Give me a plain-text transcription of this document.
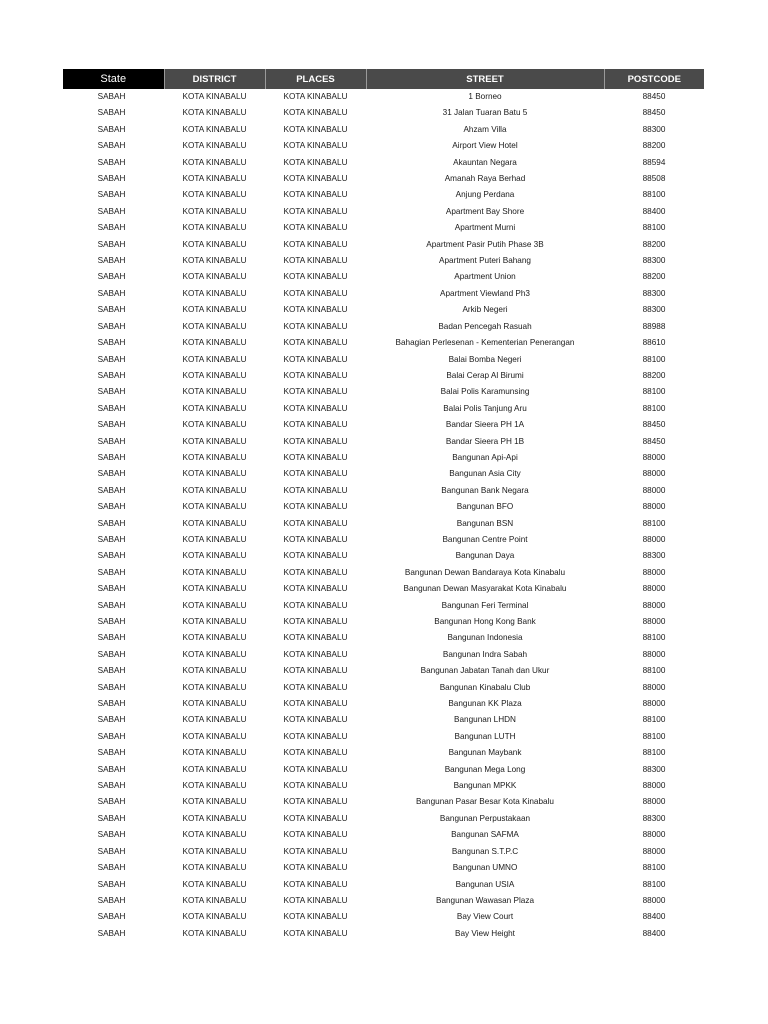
State	DISTRICT	PLACES	STREET	POSTCODE
SABAH	KOTA KINABALU	KOTA KINABALU	1 Borneo	88450
SABAH	KOTA KINABALU	KOTA KINABALU	31 Jalan Tuaran Batu 5	88450
SABAH	KOTA KINABALU	KOTA KINABALU	Ahzam Villa	88300
SABAH	KOTA KINABALU	KOTA KINABALU	Airport View Hotel	88200
SABAH	KOTA KINABALU	KOTA KINABALU	Akauntan Negara	88594
SABAH	KOTA KINABALU	KOTA KINABALU	Amanah Raya Berhad	88508
SABAH	KOTA KINABALU	KOTA KINABALU	Anjung Perdana	88100
SABAH	KOTA KINABALU	KOTA KINABALU	Apartment Bay Shore	88400
SABAH	KOTA KINABALU	KOTA KINABALU	Apartment Murni	88100
SABAH	KOTA KINABALU	KOTA KINABALU	Apartment Pasir Putih Phase 3B	88200
SABAH	KOTA KINABALU	KOTA KINABALU	Apartment Puteri Bahang	88300
SABAH	KOTA KINABALU	KOTA KINABALU	Apartment Union	88200
SABAH	KOTA KINABALU	KOTA KINABALU	Apartment Viewland Ph3	88300
SABAH	KOTA KINABALU	KOTA KINABALU	Arkib Negeri	88300
SABAH	KOTA KINABALU	KOTA KINABALU	Badan Pencegah Rasuah	88988
SABAH	KOTA KINABALU	KOTA KINABALU	Bahagian Perlesenan - Kementerian Penerangan	88610
SABAH	KOTA KINABALU	KOTA KINABALU	Balai Bomba Negeri	88100
SABAH	KOTA KINABALU	KOTA KINABALU	Balai Cerap Al Birumi	88200
SABAH	KOTA KINABALU	KOTA KINABALU	Balai Polis Karamunsing	88100
SABAH	KOTA KINABALU	KOTA KINABALU	Balai Polis Tanjung Aru	88100
SABAH	KOTA KINABALU	KOTA KINABALU	Bandar Sieera PH 1A	88450
SABAH	KOTA KINABALU	KOTA KINABALU	Bandar Sieera PH 1B	88450
SABAH	KOTA KINABALU	KOTA KINABALU	Bangunan Api-Api	88000
SABAH	KOTA KINABALU	KOTA KINABALU	Bangunan Asia City	88000
SABAH	KOTA KINABALU	KOTA KINABALU	Bangunan Bank Negara	88000
SABAH	KOTA KINABALU	KOTA KINABALU	Bangunan BFO	88000
SABAH	KOTA KINABALU	KOTA KINABALU	Bangunan BSN	88100
SABAH	KOTA KINABALU	KOTA KINABALU	Bangunan Centre Point	88000
SABAH	KOTA KINABALU	KOTA KINABALU	Bangunan Daya	88300
SABAH	KOTA KINABALU	KOTA KINABALU	Bangunan Dewan Bandaraya Kota Kinabalu	88000
SABAH	KOTA KINABALU	KOTA KINABALU	Bangunan Dewan Masyarakat Kota Kinabalu	88000
SABAH	KOTA KINABALU	KOTA KINABALU	Bangunan Feri Terminal	88000
SABAH	KOTA KINABALU	KOTA KINABALU	Bangunan Hong Kong Bank	88000
SABAH	KOTA KINABALU	KOTA KINABALU	Bangunan Indonesia	88100
SABAH	KOTA KINABALU	KOTA KINABALU	Bangunan Indra Sabah	88000
SABAH	KOTA KINABALU	KOTA KINABALU	Bangunan Jabatan Tanah dan Ukur	88100
SABAH	KOTA KINABALU	KOTA KINABALU	Bangunan Kinabalu Club	88000
SABAH	KOTA KINABALU	KOTA KINABALU	Bangunan KK Plaza	88000
SABAH	KOTA KINABALU	KOTA KINABALU	Bangunan LHDN	88100
SABAH	KOTA KINABALU	KOTA KINABALU	Bangunan LUTH	88100
SABAH	KOTA KINABALU	KOTA KINABALU	Bangunan Maybank	88100
SABAH	KOTA KINABALU	KOTA KINABALU	Bangunan Mega Long	88300
SABAH	KOTA KINABALU	KOTA KINABALU	Bangunan MPKK	88000
SABAH	KOTA KINABALU	KOTA KINABALU	Bangunan Pasar Besar Kota Kinabalu	88000
SABAH	KOTA KINABALU	KOTA KINABALU	Bangunan Perpustakaan	88300
SABAH	KOTA KINABALU	KOTA KINABALU	Bangunan SAFMA	88000
SABAH	KOTA KINABALU	KOTA KINABALU	Bangunan S.T.P.C	88000
SABAH	KOTA KINABALU	KOTA KINABALU	Bangunan UMNO	88100
SABAH	KOTA KINABALU	KOTA KINABALU	Bangunan USIA	88100
SABAH	KOTA KINABALU	KOTA KINABALU	Bangunan Wawasan Plaza	88000
SABAH	KOTA KINABALU	KOTA KINABALU	Bay View Court	88400
SABAH	KOTA KINABALU	KOTA KINABALU	Bay View Height	88400
